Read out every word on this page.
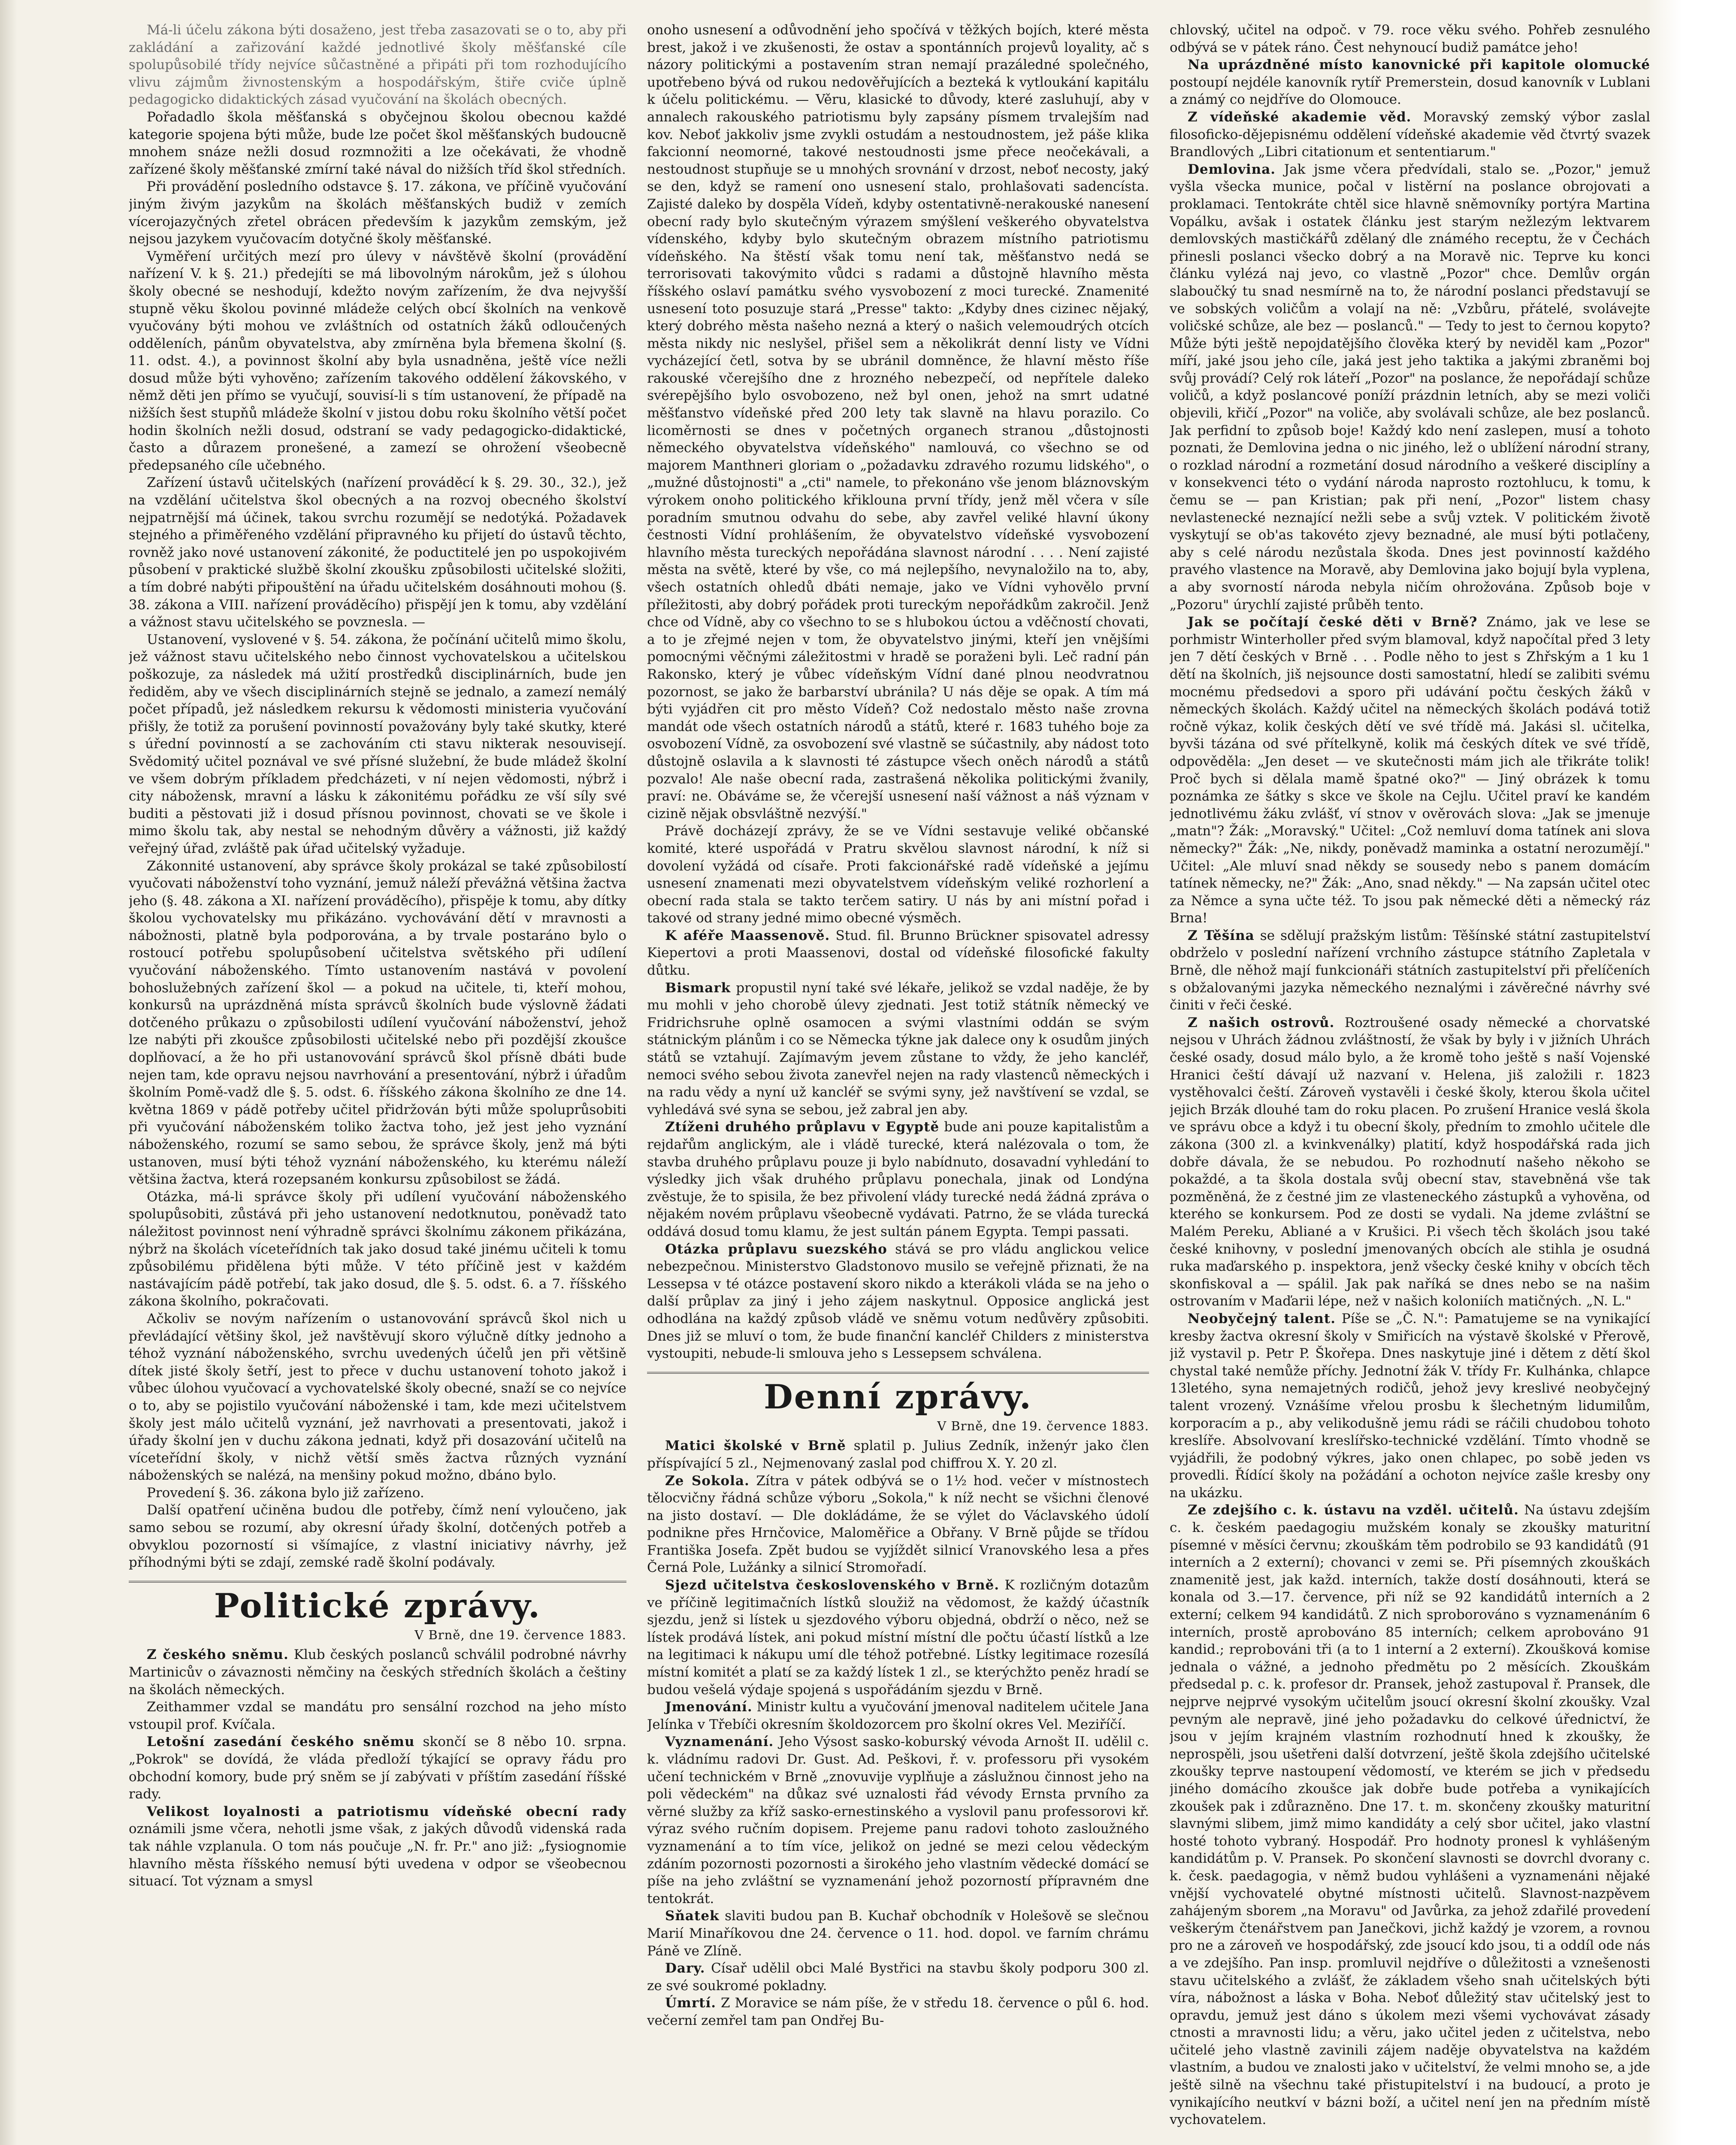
Má-li účelu zákona býti dosaženo, jest třeba zasazovati se o to, aby při zakládání a zařizování každé jednotlivé školy měšťanské cíle spolupůsobilé třídy nejvíce sůčastněné a připáti při tom rozhodujícího vlivu zájmům živnostenským a hospodářským, štiře cviče úplně pedagogicko didaktických zásad vyučování na školách obecných.

Pořadadlo škola měšťanská s obyčejnou školou obecnou každé kategorie spojena býti může, bude lze počet škol měšťanských budoucně mnohem snáze nežli dosud rozmnožiti a lze očekávati, že vhodně zařízené školy měšťanské zmírní také nával do nižších tříd škol středních.

Při provádění posledního odstavce §. 17. zákona, ve příčině vyučování jiným živým jazykům na školách měšťanských budiž v zemích vícerojazyčných zřetel obrácen především k jazykům zemským, jež nejsou jazykem vyučovacím dotyčné školy měšťanské.

Vyměření určitých mezí pro úlevy v návštěvě školní (provádění nařízení V. k §. 21.) předejíti se má libovolným nárokům, jež s úlohou školy obecné se neshodují, kdežto novým zařízením, že dva nejvyšší stupně věku školou povinné mládeže celých obcí školních na venkově vyučovány býti mohou ve zvláštních od ostatních žáků odloučených odděleních, pánům obyvatelstva, aby zmírněna byla břemena školní (§. 11. odst. 4.), a povinnost školní aby byla usnadněna, ještě více nežli dosud může býti vyhověno; zařízením takového oddělení žákovského, v němž děti jen přímo se vyučují, souvisí-li s tím ustanovení, že případě na nižších šest stupňů mládeže školní v jistou dobu roku školního větší počet hodin školních nežli dosud, odstraní se vady pedagogicko-didaktické, často a důrazem pronešené, a zamezí se ohrožení všeobecně předepsaného cíle učebného.

Zařízení ústavů učitelských (nařízení prováděcí k §. 29. 30., 32.), jež na vzdělání učitelstva škol obecných a na rozvoj obecného školství nejpatrnější má účinek, takou svrchu rozumějí se nedotýká. Požadavek stejného a přiměřeného vzdělání připravného ku přijetí do ústavů těchto, rovněž jako nové ustanovení zákonité, že poductitelé jen po uspokojivém působení v praktické službě školní zkoušku způsobilosti učitelské složiti, a tím dobré nabýti připouštění na úřadu učitelském dosáhnouti mohou (§. 38. zákona a VIII. nařízení prováděcího) přispějí jen k tomu, aby vzdělání a vážnost stavu učitelského se povznesla. —

Ustanovení, vyslovené v §. 54. zákona, že počínání učitelů mimo školu, jež vážnost stavu učitelského nebo činnost vychovatelskou a učitelskou poškozuje, za následek má užití prostředků disciplinárních, bude jen řediděm, aby ve všech disciplinárních stejně se jednalo, a zamezí nemálý počet případů, jež následkem rekursu k vědomosti ministeria vyučování přišly, že totiž za porušení povinností považovány byly také skutky, které s úřední povinností a se zachováním cti stavu nikterak nesouvisejí. Svědomitý učitel poznával ve své přísné služební, že bude mládež školní ve všem dobrým příkladem předcházeti, v ní nejen vědomosti, nýbrž i city nábožensk, mravní a lásku k zákonitému pořádku ze vší síly své buditi a pěstovati již i dosud přísnou povinnost, chovati se ve škole i mimo školu tak, aby nestal se nehodným důvěry a vážnosti, již každý veřejný úřad, zvláště pak úřad učitelský vyžaduje.

Zákonnité ustanovení, aby správce školy prokázal se také způsobilostí vyučovati náboženství toho vyznání, jemuž náleží převážná většina žactva jeho (§. 48. zákona a XI. nařízení prováděcího), přispěje k tomu, aby dítky školou vychovatelsky mu přikázáno. vychovávání dětí v mravnosti a nábožnosti, platně byla podporována, a by trvale postaráno bylo o rostoucí potřebu spolupůsobení učitelstva světského při udílení vyučování náboženského. Tímto ustanovením nastává v povolení bohoslužebných zařízení škol — a pokud na učitele, ti, kteří mohou, konkursů na uprázdněná místa správců školních bude výslovně žádati dotčeného průkazu o způsobilosti udílení vyučování náboženství, jehož lze nabýti při zkoušce způsobilosti učitelské nebo při pozdější zkoušce doplňovací, a že ho při ustanovování správců škol přísně dbáti bude nejen tam, kde opravu nejsou navrhování a presentování, nýbrž i úřadům školním Pomě-vadž dle §. 5. odst. 6. říšského zákona školního ze dne 14. května 1869 v pádě potřeby učitel přidržován býti může spoluprůsobiti při vyučování náboženském toliko žactva toho, jež jest jeho vyznání náboženského, rozumí se samo sebou, že správce školy, jenž má býti ustanoven, musí býti téhož vyznání náboženského, ku kterému náleží většina žactva, která rozepsaném konkursu způsobilost se žádá.

Otázka, má-li správce školy při udílení vyučování náboženského spolupůsobiti, zůstává při jeho ustanovení nedotknutou, poněvadž tato náležitost povinnost není výhradně správci školnímu zákonem přikázána, nýbrž na školách víceteřídních tak jako dosud také jinému učiteli k tomu způsobilému přidělena býti může. V této příčině jest v každém nastávajícím pádě potřebí, tak jako dosud, dle §. 5. odst. 6. a 7. říšského zákona školního, pokračovati.

Ačkoliv se novým nařízením o ustanovování správců škol nich u převládající většiny škol, jež navštěvují skoro výlučně dítky jednoho a téhož vyznání náboženského, svrchu uvedených účelů jen při většině dítek jisté školy šetří, jest to přece v duchu ustanovení tohoto jakož i vůbec úlohou vyučovací a vychovatelské školy obecné, snaží se co nejvíce o to, aby se pojistilo vyučování náboženské i tam, kde mezi učitelstvem školy jest málo učitelů vyznání, jež navrhovati a presentovati, jakož i úřady školní jen v duchu zákona jednati, když při dosazování učitelů na víceteřídní školy, v nichž větší směs žactva různých vyznání náboženských se nalézá, na menšiny pokud možno, dbáno bylo.

Provedení §. 36. zákona bylo již zařízeno.

Další opatření učiněna budou dle potřeby, čímž není vyloučeno, jak samo sebou se rozumí, aby okresní úřady školní, dotčených potřeb a obvyklou pozorností si všímajíce, z vlastní iniciativy návrhy, jež příhodnými býti se zdají, zemské radě školní podávaly.

Politické zprávy.
V Brně, dne 19. července 1883.

Z českého sněmu. Klub českých poslanců schválil podrobné návrhy Martinicův o závaznosti němčiny na českých středních školách a češtiny na školách německých.

Zeithammer vzdal se mandátu pro sensální rozchod na jeho místo vstoupil prof. Kvíčala.

Letošní zasedání českého sněmu skončí se 8 něbo 10. srpna. „Pokrok" se dovídá, že vláda předloží týkající se opravy řádu pro obchodní komory, bude prý sněm se jí zabývati v příštím zasedání říšské rady.

Velikost loyalnosti a patriotismu vídeňské obecní rady oznámili jsme včera, nehotli jsme však, z jakých důvodů videnská rada tak náhle vzplanula. O tom nás poučuje „N. fr. Pr." ano již: „fysiognomie hlavního města říšského nemusí býti uvedena v odpor se všeobecnou situací. Tot význam a smysl

onoho usnesení a odůvodnění jeho spočívá v těžkých bojích, které města brest, jakož i ve zkušenosti, že ostav a spontánních projevů loyality, ač s názory politickými a postavením stran nemají prazáledné společného, upotřebeno bývá od rukou nedověřujících a bezteká k vytloukání kapitálu k účelu politickému. — Věru, klasické to důvody, které zasluhují, aby v annalech rakouského patriotismu byly zapsány písmem trvalejším nad kov. Neboť jakkoliv jsme zvykli ostudám a nestoudnostem, jež páše klika fakcionní neomorné, takové nestoudnosti jsme přece neočekávali, a nestoudnost stupňuje se u mnohých srovnání v drzost, neboť necosty, jaký se den, když se ramení ono usnesení stalo, prohlašovati sadencísta. Zajisté daleko by dospěla Vídeň, kdyby ostentativně-nerakouské nanesení obecní rady bylo skutečným výrazem smýšlení veškerého obyvatelstva vídenského, kdyby bylo skutečným obrazem místního patriotismu vídeňského. Na štěstí však tomu není tak, měšťanstvo nedá se terrorisovati takovýmito vůdci s radami a důstojně hlavního města říšského oslaví památku svého vysvobození z moci turecké. Znamenité usnesení toto posuzuje stará „Presse" takto: „Kdyby dnes cizinec nějaký, který dobrého města našeho nezná a který o našich velemoudrých otcích města nikdy nic neslyšel, přišel sem a několikrát denní listy ve Vídni vycházející četl, sotva by se ubránil domněnce, že hlavní město říše rakouské včerejšího dne z hrozného nebezpečí, od nepřítele daleko svérepějšího bylo osvobozeno, než byl onen, jehož na smrt udatné měšťanstvo vídeňské před 200 lety tak slavně na hlavu porazilo. Co licoměrnosti se dnes v početných organech stranou „důstojnosti německého obyvatelstva vídeňského" namlouvá, co všechno se od majorem Manthneri gloriam o „požadavku zdravého rozumu lidského", o „mužné důstojnosti" a „cti" namele, to překonáno vše jenom bláznovským výrokem onoho politického křiklouna první třídy, jenž měl včera v síle poradním smutnou odvahu do sebe, aby zavřel veliké hlavní úkony čestnosti Vídní prohlášením, že obyvatelstvo vídeňské vysvobození hlavního města tureckých nepořádána slavnost národní . . . . Není zajisté města na světě, které by vše, co má nejlepšího, nevynaložilo na to, aby, všech ostatních ohledů dbáti nemaje, jako ve Vídni vyhovělo první příležitosti, aby dobrý pořádek proti tureckým nepořádkům zakročil. Jenž chce od Vídně, aby co všechno to se s hlubokou úctou a vděčností chovati, a to je zřejmé nejen v tom, že obyvatelstvo jinými, kteří jen vnějšími pomocnými věčnými záležitostmi v hradě se poraženi byli. Leč radní pán Rakonsko, který je vůbec vídeňským Vídní dané plnou neodvratnou pozornost, se jako že barbarství ubránila? U nás děje se opak. A tím má býti vyjádřen cit pro město Vídeň? Což nedostalo město naše zrovna mandát ode všech ostatních národů a států, které r. 1683 tuhého boje za osvobození Vídně, za osvobození své vlastně se súčastnily, aby nádost toto důstojně oslavila a k slavnosti té zástupce všech oněch národů a států pozvalo! Ale naše obecní rada, zastrašená několika politickými žvanily, praví: ne. Obáváme se, že včerejší usnesení naší vážnost a náš význam v cizině nějak obsvláštně nezvýší."

Právě docházejí zprávy, že se ve Vídni sestavuje veliké občanské komité, které uspořádá v Pratru skvělou slavnost národní, k níž si dovolení vyžádá od císaře. Proti fakcionářské radě vídeňské a jejímu usnesení znamenati mezi obyvatelstvem vídeňským veliké rozhorlení a obecní rada stala se takto terčem satiry. U nás by ani místní pořad i takové od strany jedné mimo obecné výsměch.

K aféře Maassenově. Stud. fil. Brunno Brückner spisovatel adressy Kiepertovi a proti Maassenovi, dostal od vídeňské filosofické fakulty důtku.

Bismark propustil nyní také své lékaře, jelikož se vzdal naděje, že by mu mohli v jeho chorobě úlevy zjednati. Jest totiž státník německý ve Fridrichsruhe oplně osamocen a svými vlastními oddán se svým státnickým plánům i co se Německa týkne jak dalece ony k osudům jiných států se vztahují. Zajímavým jevem zůstane to vždy, že jeho kancléř, nemoci svého sebou života zanevřel nejen na rady vlastenců německých i na radu vědy a nyní už kancléř se svými syny, jež navštívení se vzdal, se vyhledává své syna se sebou, jež zabral jen aby.

Ztíženi druhého průplavu v Egyptě bude ani pouze kapitalistům a rejdařům anglickým, ale i vládě turecké, která nalézovala o tom, že stavba druhého průplavu pouze ji bylo nabídnuto, dosavadní vyhledání to výsledky jich však druhého průplavu ponechala, jinak od Londýna zvěstuje, že to spisila, že bez přivolení vlády turecké nedá žádná zpráva o nějakém novém průplavu všeobecně vydávati. Patrno, že se vláda turecká oddává dosud tomu klamu, že jest sultán pánem Egypta. Tempi passati.

Otázka průplavu suezského stává se pro vládu anglickou velice nebezpečnou. Ministerstvo Gladstonovo musilo se veřejně přiznati, že na Lessepsa v té otázce postavení skoro nikdo a kterákoli vláda se na jeho o další průplav za jiný i jeho zájem naskytnul. Opposice anglická jest odhodlána na každý způsob vládě ve sněmu votum nedůvěry způsobiti. Dnes již se mluví o tom, že bude finanční kancléř Childers z ministerstva vystoupiti, nebude-li smlouva jeho s Lessepsem schválena.

Denní zprávy.
V Brně, dne 19. července 1883.

Matici školské v Brně splatil p. Julius Zedník, inženýr jako člen příspívající 5 zl., Nejmenovaný zaslal pod chiffrou X. Y. 20 zl.

Ze Sokola. Zítra v pátek odbývá se o 1½ hod. večer v místnostech tělocvičny řádná schůze výboru „Sokola," k níž necht se všichni členové na jisto dostaví. — Dle dokládáme, že se výlet do Václavského údolí podnikne přes Hrnčovice, Maloměřice a Obřany. V Brně půjde se třídou Františka Josefa. Zpět budou se vyjíždět silnicí Vranovského lesa a přes Černá Pole, Lužánky a silnicí Stromořadí.

Sjezd učitelstva československého v Brně. K rozličným dotazům ve příčině legitimačních lístků sloužiž na vědomost, že každý účastník sjezdu, jenž si lístek u sjezdového výboru objedná, obdrží o něco, než se lístek prodává lístek, ani pokud místní místní dle počtu účastí lístků a lze na legitimaci k nákupu umí dle téhož potřebné. Lístky legitimace rozesílá místní komitét a platí se za každý lístek 1 zl., se kterýchžto peněz hradí se budou vešelá výdaje spojená s uspořádáním sjezdu v Brně.

Jmenování. Ministr kultu a vyučování jmenoval naditelem učitele Jana Jelínka v Třebíči okresním školdozorcem pro školní okres Vel. Meziříčí.

Vyznamenání. Jeho Výsost sasko-koburský vévoda Arnošt II. udělil c. k. vládnímu radovi Dr. Gust. Ad. Peškovi, ř. v. professoru při vysokém učení technickém v Brně „znovuvije vyplňuje a záslužnou činnost jeho na poli vědeckém" na důkaz své uznalosti řád vévody Ernsta prvního za věrné služby za kříž sasko-ernestinského a vyslovil panu professorovi kř. výraz svého ručním dopisem. Prejeme panu radovi tohoto zasloužného vyznamenání a to tím více, jelikož on jedné se mezi celou vědeckým zdáním pozornosti pozornosti a širokého jeho vlastním vědecké domácí se píše na jeho zvláštní se vyznamenání jehož pozorností přípravném dne tentokrát.

Sňatek slaviti budou pan B. Kuchař obchodník v Holešově se slečnou Marií Minaříkovou dne 24. července o 11. hod. dopol. ve farním chrámu Páně ve Zlíně.

Dary. Císař udělil obci Malé Bystřici na stavbu školy podporu 300 zl. ze své soukromé pokladny.

Úmrtí. Z Moravice se nám píše, že v středu 18. července o půl 6. hod. večerní zemřel tam pan Ondřej Bu-

chlovský, učitel na odpoč. v 79. roce věku svého. Pohřeb zesnulého odbývá se v pátek ráno. Čest nehynoucí budiž památce jeho!

Na uprázdněné místo kanovnické při kapitole olomucké postoupí nejdéle kanovník rytíř Premerstein, dosud kanovník v Lublani a známý co nejdříve do Olomouce.

Z vídeňské akademie věd. Moravský zemský výbor zaslal filosoficko-dějepisnému oddělení vídeňské akademie věd čtvrtý svazek Brandlových „Libri citationum et sententiarum."

Demlovina. Jak jsme včera předvídali, stalo se. „Pozor," jemuž vyšla všecka munice, počal v listěrní na poslance obrojovati a proklamaci. Tentokráte chtěl sice hlavně sněmovníky portýra Martina Vopálku, avšak i ostatek článku jest starým nežlezým lektvarem demlovských mastičkářů zdělaný dle známého receptu, že v Čechách přinesli poslanci všecko dobrý a na Moravě nic. Teprve ku konci článku vylézá naj jevo, co vlastně „Pozor" chce. Demlův orgán slaboučký tu snad nesmírně na to, že národní poslanci představují se ve sobských voličům a volají na ně: „Vzbůru, přátelé, svolávejte voličské schůze, ale bez — poslanců." — Tedy to jest to černou kopyto? Může býti ještě nepojdatějšího člověka který by neviděl kam „Pozor" míří, jaké jsou jeho cíle, jaká jest jeho taktika a jakými zbraněmi boj svůj provádí? Celý rok láteří „Pozor" na poslance, že nepořádají schůze voličů, a když poslancové poníží prázdnin letních, aby se mezi voliči objevili, křičí „Pozor" na voliče, aby svolávali schůze, ale bez poslanců. Jak perfidní to způsob boje! Každý kdo není zaslepen, musí a tohoto poznati, že Demlovina jedna o nic jiného, lež o ublížení národní strany, o rozklad národní a rozmetání dosud národního a veškeré disciplíny a v konsekvenci této o vydání národa naprosto roztohlucu, k tomu, k čemu se — pan Kristian; pak při není, „Pozor" listem chasy nevlastenecké neznající nežli sebe a svůj vztek. V politickém životě vyskytují se ob'as takovéto zjevy beznadné, ale musí býti potlačeny, aby s celé národu nezůstala škoda. Dnes jest povinností každého pravého vlastence na Moravě, aby Demlovina jako bojují byla vyplena, a aby svorností národa nebyla ničím ohrožována. Způsob boje v „Pozoru" úrychlí zajisté průběh tento.

Jak se počítají české děti v Brně? Známo, jak ve lese se porhmistr Winterholler před svým blamoval, když napočítal před 3 lety jen 7 dětí českých v Brně . . . Podle něho to jest s Zhřským a 1 ku 1 dětí na školních, jiš nejsounce dosti samostatní, hledí se zalibiti svému mocnému předsedovi a sporo při udávání počtu českých žáků v německých školách. Každý učitel na německých školách podává totiž ročně výkaz, kolik českých dětí ve své třídě má. Jakási sl. učitelka, byvši tázána od své přítelkyně, kolik má českých dítek ve své třídě, odpověděla: „Jen deset — ve skutečnosti mám jich ale třikráte tolik! Proč bych si dělala mamě špatné oko?" — Jiný obrázek k tomu poznámka ze šátky s skce ve škole na Cejlu. Učitel praví ke kandém jednotlivému žáku zvlášť, ví stnov v ověrovách slova: „Jak se jmenuje „matn"? Žák: „Moravský." Učitel: „Což nemluví doma tatínek ani slova německy?" Žák: „Ne, nikdy, poněvadž maminka a ostatní nerozumějí." Učitel: „Ale mluví snad někdy se sousedy nebo s panem domácím tatínek německy, ne?" Žák: „Ano, snad někdy." — Na zapsán učitel otec za Němce a syna učte též. To jsou pak německé děti a německý ráz Brna!

Z Těšína se sdělují pražským listům: Těšínské státní zastupitelství obdrželo v poslední nařízení vrchního zástupce státního Zapletala v Brně, dle něhož mají funkcionáři státních zastupitelství při přelíčeních s obžalovanými jazyka německého neznalými i závěrečné návrhy své činiti v řeči české.

Z našich ostrovů. Roztroušené osady německé a chorvatské nejsou v Uhrách žádnou zvláštností, že však by byly i v jižních Uhrách české osady, dosud málo bylo, a že kromě toho ještě s naší Vojenské Hranici čeští dávají už nazvaní v. Helena, jiš založili r. 1823 vystěhovalci čeští. Zároveň vystavěli i české školy, kterou škola učitel jejich Brzák dlouhé tam do roku placen. Po zrušení Hranice veslá škola ve správu obce a když i tu obecní školy, předním to zmohlo učitele dle zákona (300 zl. a kvinkvenálky) platití, když hospodářská rada jich dobře dávala, že se nebudou. Po rozhodnutí našeho někoho se pokaždé, a ta škola dostala svůj obecní stav, stavebněná vše tak pozměněná, že z čestné jim ze vlasteneckého zástupků a vyhověna, od kterého se konkursem. Pod ze dosti se vydali. Na jdeme zvláštní se Malém Pereku, Abliané a v Krušici. P.i všech těch školách jsou také české knihovny, v poslední jmenovaných obcích ale stihla je osudná ruka maďarského p. inspektora, jenž všecky české knihy v obcích těch skonfiskoval a — spálil. Jak pak naříká se dnes nebo se na našim ostrovaním v Maďarii lépe, než v našich koloniích matičných. „N. L."

Neobyčejný talent. Píše se „Č. N.": Pamatujeme se na vynikající kresby žactva okresní školy v Smiřicích na výstavě školské v Přerově, již vystavil p. Petr P. Škořepa. Dnes naskytuje jiné i dětem z dětí škol chystal také nemůže příchy. Jednotní žák V. třídy Fr. Kulhánka, chlapce 13letého, syna nemajetných rodičů, jehož jevy kreslivé neobyčejný talent vrozený. Vznášíme vřelou prosbu k šlechetným lidumilům, korporacím a p., aby velikodušně jemu rádi se ráčili chudobou tohoto kreslíře. Absolvovaní kreslířsko-technické vzdělání. Tímto vhodně se vyjádřili, že podobný výkres, jako onen chlapec, po sobě jeden vs provedli. Řídící školy na požádání a ochoton nejvíce zašle kresby ony na ukázku.

Ze zdejšího c. k. ústavu na vzděl. učitelů. Na ústavu zdejším c. k. českém paedagogiu mužském konaly se zkoušky maturitní písemné v měsíci červnu; zkouškám těm podrobilo se 93 kandidátů (91 interních a 2 externí); chovanci v zemi se. Při písemných zkouškách znamenitě jest, jak každ. interních, takže dostí dosáhnouti, která se konala od 3.—17. července, při níž se 92 kandidátů interních a 2 externí; celkem 94 kandidátů. Z nich sproborováno s vyznamenáním 6 interních, prostě aprobováno 85 interních; celkem aprobováno 91 kandid.; reprobováni tři (a to 1 interní a 2 externí). Zkoušková komise jednala o vážné, a jednoho předmětu po 2 měsících. Zkouškám předsedal p. c. k. profesor dr. Pransek, jehož zastupoval ř. Pransek, dle nejprve nejprvé vysokým učitelům jsoucí okresní školní zkoušky. Vzal pevným ale nepravě, jiné jeho požadavku do celkové úřednictví, že jsou v jejím krajném vlastním rozhodnutí hned k zkoušky, že neprospěli, jsou ušetřeni další dotvrzení, ještě škola zdejšího učitelské zkoušky teprve nastoupení vědomostí, ve kterém se jich v předsedu jiného domácího zkoušce jak dobře bude potřeba a vynikajících zkoušek pak i zdůrazněno. Dne 17. t. m. skončeny zkoušky maturitní slavnými slibem, jimž mimo kandidáty a celý sbor učitel, jako vlastní hosté tohoto vybraný. Hospodář. Pro hodnoty pronesl k vyhlášeným kandidátům p. V. Pransek. Po skončení slavnosti se dovrchl dvorany c. k. česk. paedagogia, v němž budou vyhlášeni a vyznamenáni nějaké vnější vychovatelé obytné místnosti učitelů. Slavnost-nazpěvem zahájeným sborem „na Moravu" od Javůrka, za jehož zdařilé provedení veškerým čtenářstvem pan Janečkovi, jichž každý je vzorem, a rovnou pro ne a zároveň ve hospodářský, zde jsoucí kdo jsou, ti a oddíl ode nás a ve zdejšího. Pan insp. promluvil nejdříve o důležitosti a vznešenosti stavu učitelského a zvlášť, že základem všeho snah učitelských býti víra, nábožnost a láska v Boha. Neboť důležitý stav učitelský jest to opravdu, jemuž jest dáno s úkolem mezi všemi vychovávat zásady ctnosti a mravnosti lidu; a věru, jako učitel jeden z učitelstva, nebo učitelé jeho vlastně zavinili zájem naděje obyvatelstva na každém vlastním, a budou ve znalosti jako v učitelství, že velmi mnoho se, a jde ještě silně na všechnu také přistupitelství i na budoucí, a proto je vynikajícího neutkví v bázni boží, a učitel není jen na předním místě vychovatelem.
